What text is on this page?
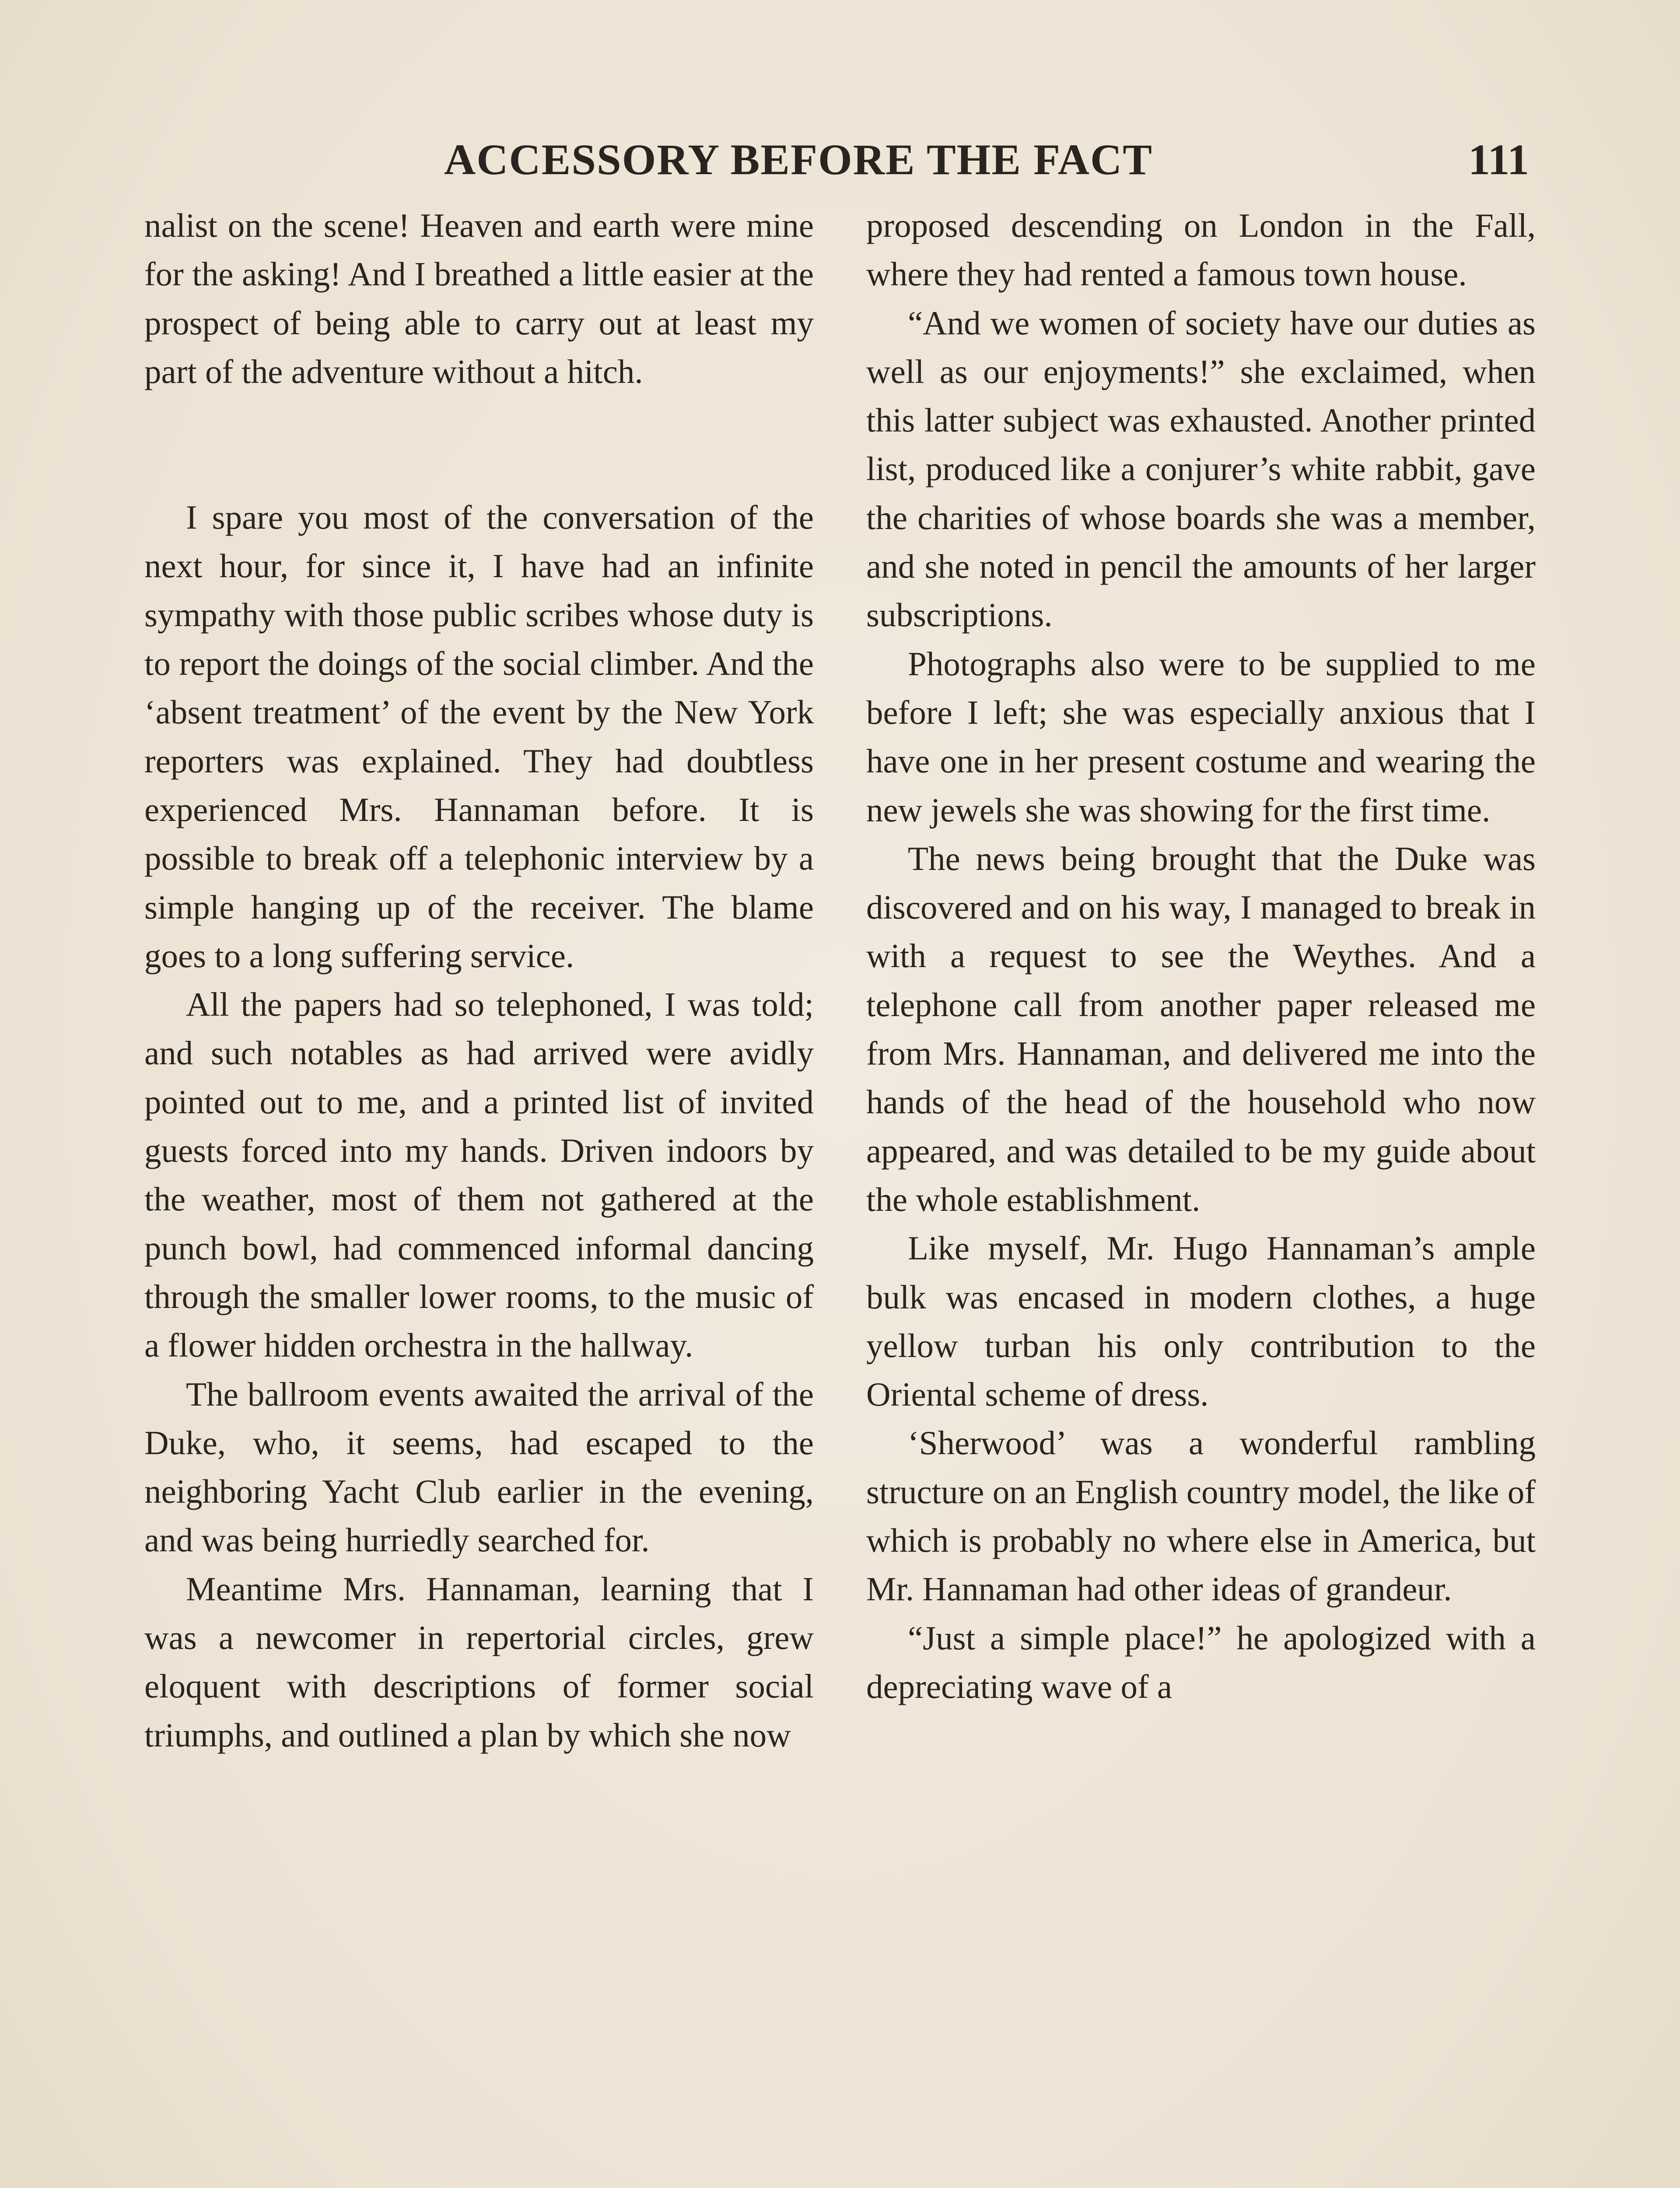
ACCESSORY BEFORE THE FACT	111

nalist on the scene! Heaven and earth were mine for the asking! And I breathed a little easier at the prospect of being able to carry out at least my part of the adventure without a hitch.

I spare you most of the conversation of the next hour, for since it, I have had an infinite sympathy with those public scribes whose duty is to report the doings of the social climber. And the ‘absent treatment’ of the event by the New York reporters was explained. They had doubtless experienced Mrs. Hannaman before. It is possible to break off a telephonic interview by a simple hanging up of the receiver. The blame goes to a long suffering service.

All the papers had so telephoned, I was told; and such notables as had arrived were avidly pointed out to me, and a printed list of invited guests forced into my hands. Driven indoors by the weather, most of them not gathered at the punch bowl, had commenced informal dancing through the smaller lower rooms, to the music of a flower hidden orchestra in the hallway.

The ballroom events awaited the arrival of the Duke, who, it seems, had escaped to the neighboring Yacht Club earlier in the evening, and was being hurriedly searched for.

Meantime Mrs. Hannaman, learning that I was a newcomer in repertorial circles, grew eloquent with descriptions of former social triumphs, and outlined a plan by which she now

proposed descending on London in the Fall, where they had rented a famous town house.

“And we women of society have our duties as well as our enjoyments!” she exclaimed, when this latter subject was exhausted. Another printed list, produced like a conjurer’s white rabbit, gave the charities of whose boards she was a member, and she noted in pencil the amounts of her larger subscriptions.

Photographs also were to be supplied to me before I left; she was especially anxious that I have one in her present costume and wearing the new jewels she was showing for the first time.

The news being brought that the Duke was discovered and on his way, I managed to break in with a request to see the Weythes. And a telephone call from another paper released me from Mrs. Hannaman, and delivered me into the hands of the head of the household who now appeared, and was detailed to be my guide about the whole establishment.

Like myself, Mr. Hugo Hannaman’s ample bulk was encased in modern clothes, a huge yellow turban his only contribution to the Oriental scheme of dress.

‘Sherwood’ was a wonderful rambling structure on an English country model, the like of which is probably no where else in America, but Mr. Hannaman had other ideas of grandeur.

“Just a simple place!” he apologized with a depreciating wave of a
